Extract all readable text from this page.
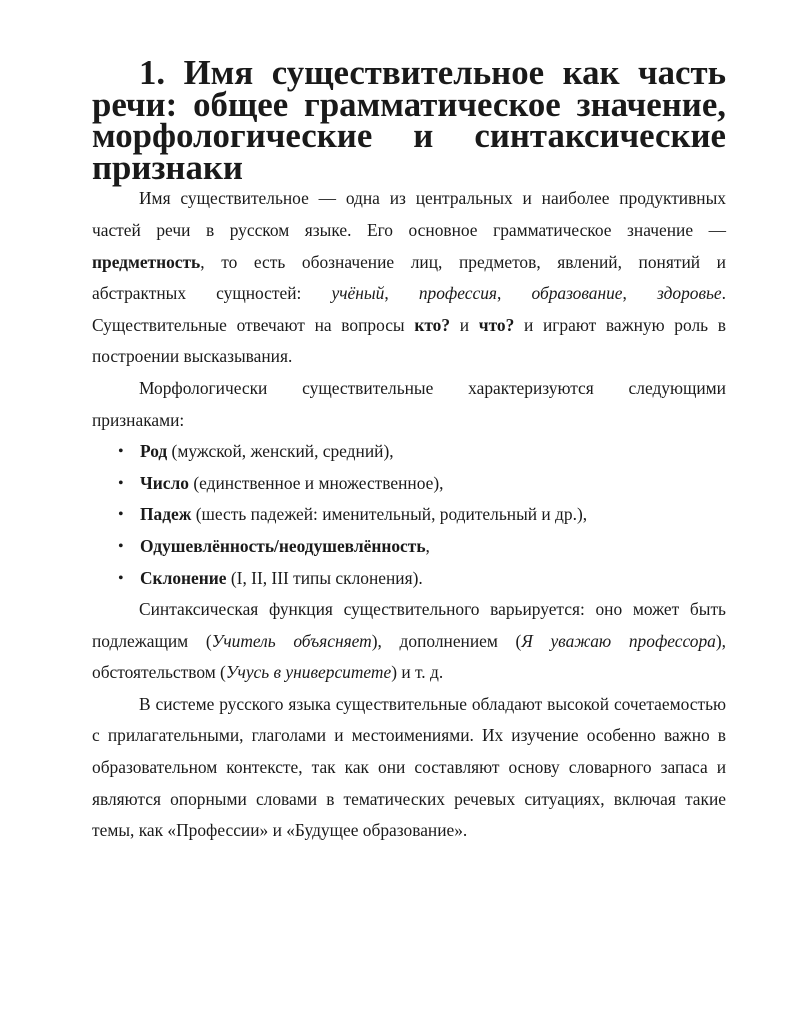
1. Имя существительное как часть речи: общее грамматическое значение, морфологические и синтаксические признаки

Имя существительное — одна из центральных и наиболее продуктивных частей речи в русском языке. Его основное грамматическое значение — предметность, то есть обозначение лиц, предметов, явлений, понятий и абстрактных сущностей: учёный, профессия, образование, здоровье. Существительные отвечают на вопросы кто? и что? и играют важную роль в построении высказывания.

Морфологически существительные характеризуются следующими признаками:

• Род (мужской, женский, средний),
• Число (единственное и множественное),
• Падеж (шесть падежей: именительный, родительный и др.),
• Одушевлённость/неодушевлённость,
• Склонение (I, II, III типы склонения).

Синтаксическая функция существительного варьируется: оно может быть подлежащим (Учитель объясняет), дополнением (Я уважаю профессора), обстоятельством (Учусь в университете) и т. д.

В системе русского языка существительные обладают высокой сочетаемостью с прилагательными, глаголами и местоимениями. Их изучение особенно важно в образовательном контексте, так как они составляют основу словарного запаса и являются опорными словами в тематических речевых ситуациях, включая такие темы, как «Профессии» и «Будущее образование».
